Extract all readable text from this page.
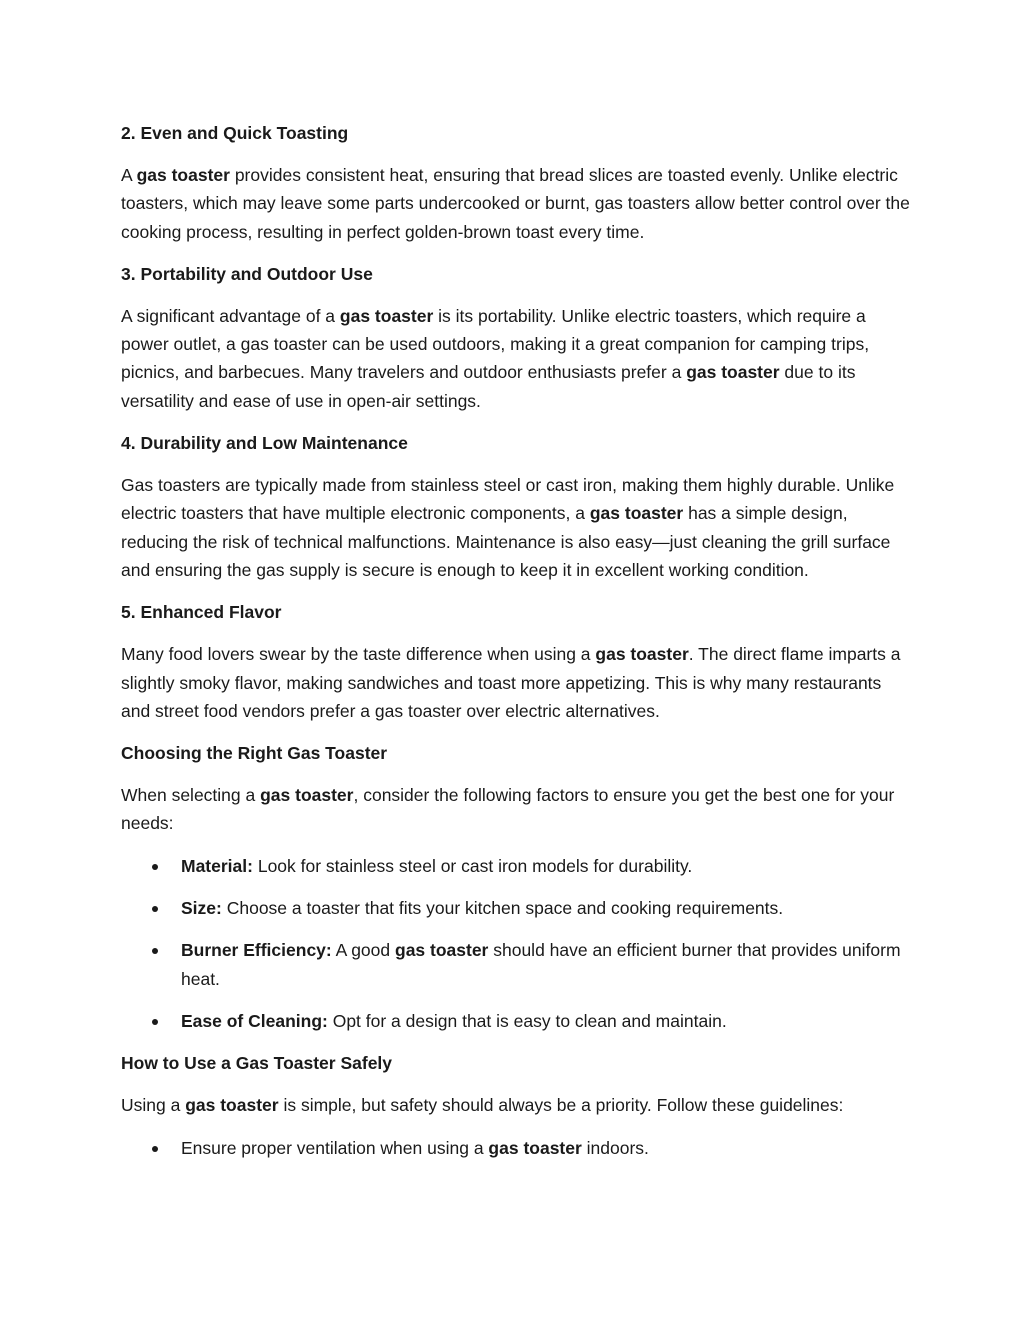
2. Even and Quick Toasting

A gas toaster provides consistent heat, ensuring that bread slices are toasted evenly. Unlike electric toasters, which may leave some parts undercooked or burnt, gas toasters allow better control over the cooking process, resulting in perfect golden-brown toast every time.

3. Portability and Outdoor Use

A significant advantage of a gas toaster is its portability. Unlike electric toasters, which require a power outlet, a gas toaster can be used outdoors, making it a great companion for camping trips, picnics, and barbecues. Many travelers and outdoor enthusiasts prefer a gas toaster due to its versatility and ease of use in open-air settings.

4. Durability and Low Maintenance

Gas toasters are typically made from stainless steel or cast iron, making them highly durable. Unlike electric toasters that have multiple electronic components, a gas toaster has a simple design, reducing the risk of technical malfunctions. Maintenance is also easy—just cleaning the grill surface and ensuring the gas supply is secure is enough to keep it in excellent working condition.

5. Enhanced Flavor

Many food lovers swear by the taste difference when using a gas toaster. The direct flame imparts a slightly smoky flavor, making sandwiches and toast more appetizing. This is why many restaurants and street food vendors prefer a gas toaster over electric alternatives.

Choosing the Right Gas Toaster

When selecting a gas toaster, consider the following factors to ensure you get the best one for your needs:

Material: Look for stainless steel or cast iron models for durability.
Size: Choose a toaster that fits your kitchen space and cooking requirements.
Burner Efficiency: A good gas toaster should have an efficient burner that provides uniform heat.
Ease of Cleaning: Opt for a design that is easy to clean and maintain.
How to Use a Gas Toaster Safely

Using a gas toaster is simple, but safety should always be a priority. Follow these guidelines:

Ensure proper ventilation when using a gas toaster indoors.
